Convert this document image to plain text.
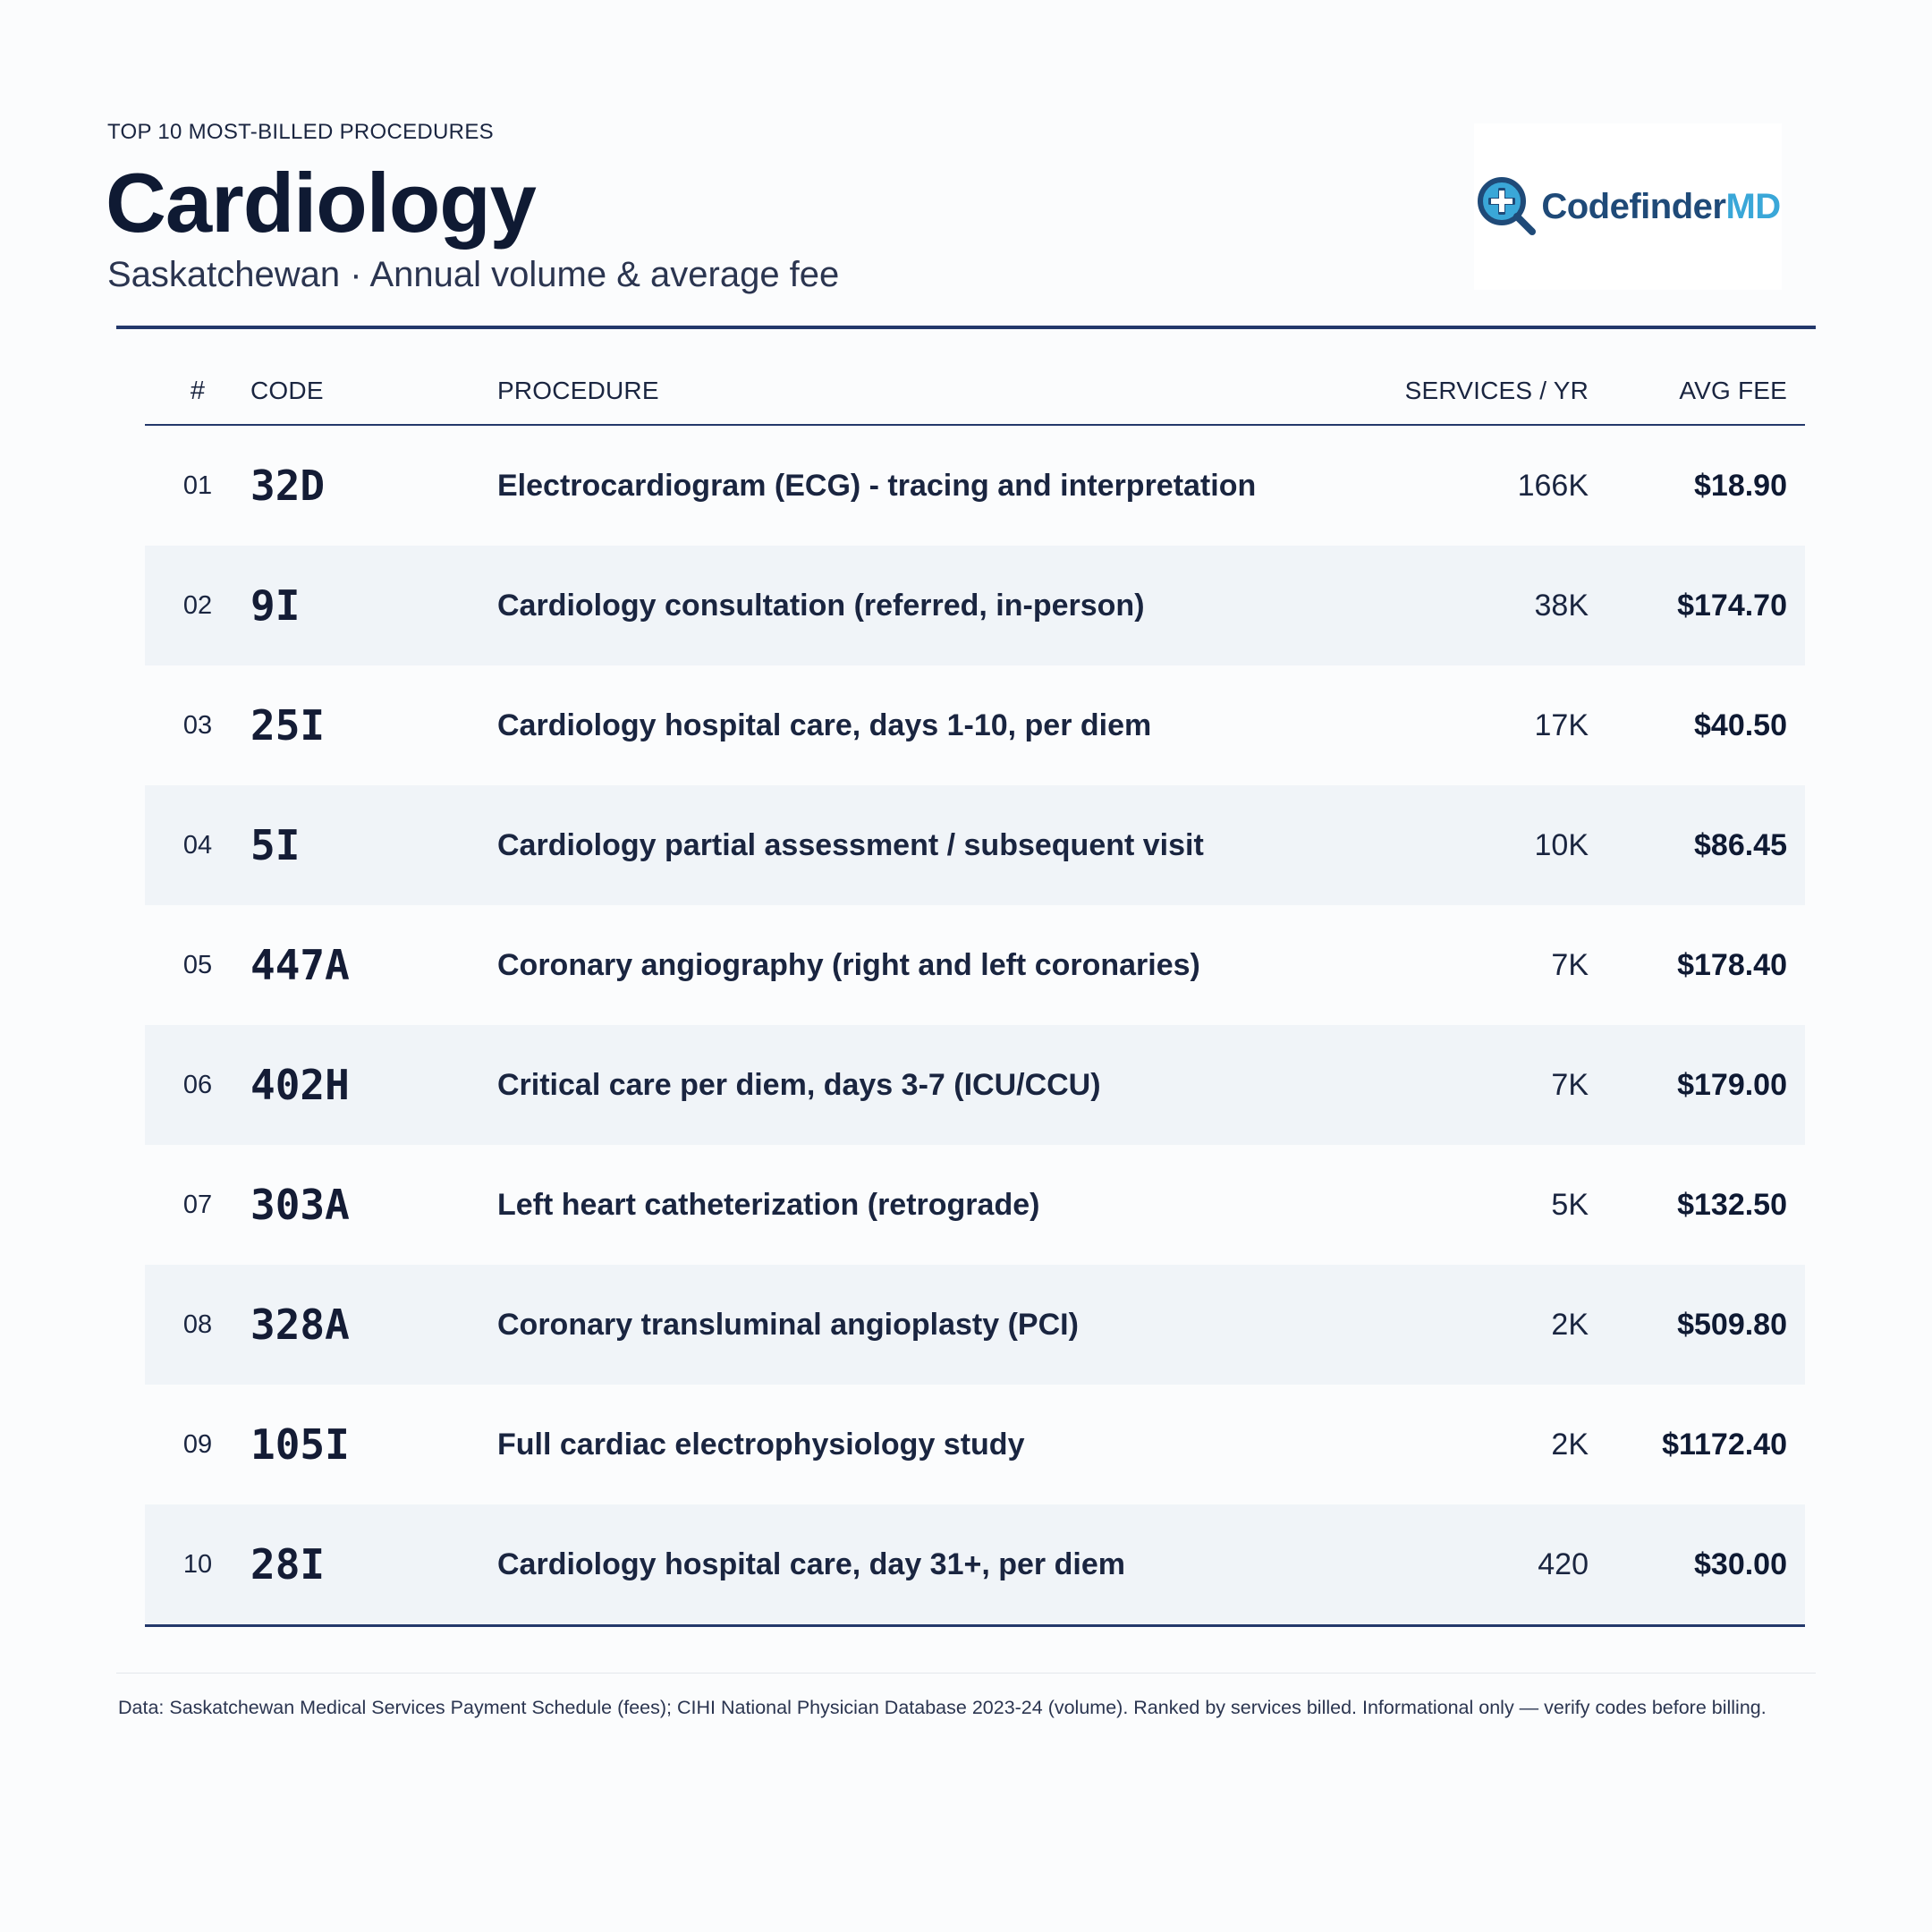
TOP 10 MOST-BILLED PROCEDURES
Cardiology
Saskatchewan · Annual volume & average fee
CodefinderMD
#	CODE	PROCEDURE	SERVICES / YR	AVG FEE
01	32D	Electrocardiogram (ECG) - tracing and interpretation	166K	$18.90
02	9I	Cardiology consultation (referred, in-person)	38K	$174.70
03	25I	Cardiology hospital care, days 1-10, per diem	17K	$40.50
04	5I	Cardiology partial assessment / subsequent visit	10K	$86.45
05	447A	Coronary angiography (right and left coronaries)	7K	$178.40
06	402H	Critical care per diem, days 3-7 (ICU/CCU)	7K	$179.00
07	303A	Left heart catheterization (retrograde)	5K	$132.50
08	328A	Coronary transluminal angioplasty (PCI)	2K	$509.80
09	105I	Full cardiac electrophysiology study	2K	$1172.40
10	28I	Cardiology hospital care, day 31+, per diem	420	$30.00
Data: Saskatchewan Medical Services Payment Schedule (fees); CIHI National Physician Database 2023-24 (volume). Ranked by services billed. Informational only — verify codes before billing.
